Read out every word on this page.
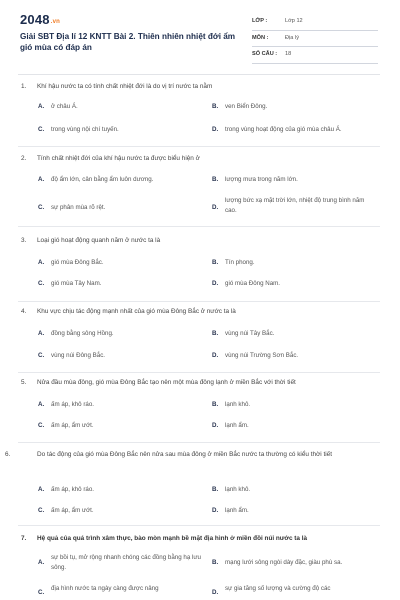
2048.vn
Giải SBT Địa lí 12 KNTT Bài 2. Thiên nhiên nhiệt đới ẩm gió mùa có đáp án
LỚP :	Lớp 12
MÔN :	Địa lý
SỐ CÂU : 18
1. Khí hậu nước ta có tính chất nhiệt đới là do vị trí nước ta nằm
A. ở châu Á.	B. ven Biển Đông.
C. trong vùng nội chí tuyến.	D. trong vùng hoạt động của gió mùa châu Á.
2. Tính chất nhiệt đới của khí hậu nước ta được biểu hiện ở
A. độ ẩm lớn, cân bằng ẩm luôn dương.	B. lượng mưa trong năm lớn.
C. sự phân mùa rõ rệt.	D.
lượng bức xạ mặt trời lớn, nhiệt độ trung bình năm cao.
3. Loại gió hoạt động quanh năm ở nước ta là
A. gió mùa Đông Bắc.	B. Tín phong.
C. gió mùa Tây Nam.	D. gió mùa Đông Nam.
4. Khu vực chịu tác động mạnh nhất của gió mùa Đông Bắc ở nước ta là
A. đồng bằng sông Hồng.	B. vùng núi Tây Bắc.
C. vùng núi Đông Bắc.	D. vùng núi Trường Sơn Bắc.
5. Nửa đầu mùa đông, gió mùa Đông Bắc tạo nên một mùa đông lạnh ở miền Bắc với thời tiết
A. ấm áp, khô ráo.	B. lạnh khô.
C. ấm áp, ẩm ướt.	D. lạnh ẩm.
6.	Do tác động của gió mùa Đông Bắc nên nửa sau mùa đông ở miền Bắc nước ta thường có kiểu thời tiết
A. ấm áp, khô ráo.	B. lạnh khô.
C. ấm áp, ẩm ướt.	D. lạnh ẩm.
7. Hệ quả của quá trình xâm thực, bào mòn mạnh bề mặt địa hình ở miền đồi núi nước ta là
A.
sự bồi tụ, mở rộng nhanh chóng các đồng bằng hạ lưu sông.
B. mạng lưới sông ngòi dày đặc, giàu phù sa.
C.
địa hình nước ta ngày càng được nâng
D.
sự gia tăng số lượng và cường độ các
